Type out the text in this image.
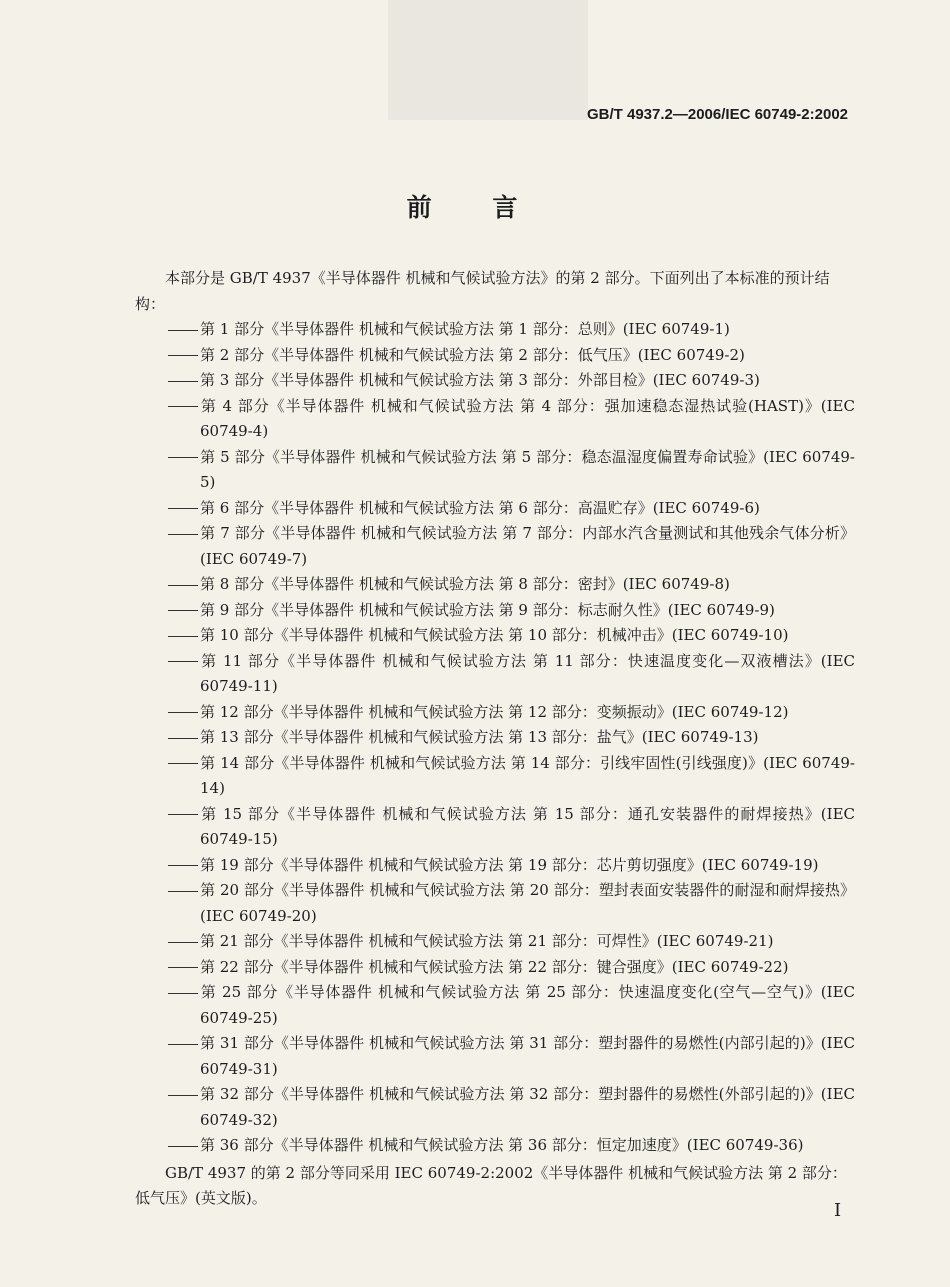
GB/T 4937.2—2006/IEC 60749-2:2002
前 言

本部分是 GB/T 4937《半导体器件 机械和气候试验方法》的第 2 部分。下面列出了本标准的预计结构：

第 1 部分《半导体器件 机械和气候试验方法 第 1 部分：总则》(IEC 60749-1)
第 2 部分《半导体器件 机械和气候试验方法 第 2 部分：低气压》(IEC 60749-2)
第 3 部分《半导体器件 机械和气候试验方法 第 3 部分：外部目检》(IEC 60749-3)
第 4 部分《半导体器件 机械和气候试验方法 第 4 部分：强加速稳态湿热试验(HAST)》(IEC 60749-4)
第 5 部分《半导体器件 机械和气候试验方法 第 5 部分：稳态温湿度偏置寿命试验》(IEC 60749-5)
第 6 部分《半导体器件 机械和气候试验方法 第 6 部分：高温贮存》(IEC 60749-6)
第 7 部分《半导体器件 机械和气候试验方法 第 7 部分：内部水汽含量测试和其他残余气体分析》(IEC 60749-7)
第 8 部分《半导体器件 机械和气候试验方法 第 8 部分：密封》(IEC 60749-8)
第 9 部分《半导体器件 机械和气候试验方法 第 9 部分：标志耐久性》(IEC 60749-9)
第 10 部分《半导体器件 机械和气候试验方法 第 10 部分：机械冲击》(IEC 60749-10)
第 11 部分《半导体器件 机械和气候试验方法 第 11 部分：快速温度变化—双液槽法》(IEC 60749-11)
第 12 部分《半导体器件 机械和气候试验方法 第 12 部分：变频振动》(IEC 60749-12)
第 13 部分《半导体器件 机械和气候试验方法 第 13 部分：盐气》(IEC 60749-13)
第 14 部分《半导体器件 机械和气候试验方法 第 14 部分：引线牢固性(引线强度)》(IEC 60749-14)
第 15 部分《半导体器件 机械和气候试验方法 第 15 部分：通孔安装器件的耐焊接热》(IEC 60749-15)
第 19 部分《半导体器件 机械和气候试验方法 第 19 部分：芯片剪切强度》(IEC 60749-19)
第 20 部分《半导体器件 机械和气候试验方法 第 20 部分：塑封表面安装器件的耐湿和耐焊接热》(IEC 60749-20)
第 21 部分《半导体器件 机械和气候试验方法 第 21 部分：可焊性》(IEC 60749-21)
第 22 部分《半导体器件 机械和气候试验方法 第 22 部分：键合强度》(IEC 60749-22)
第 25 部分《半导体器件 机械和气候试验方法 第 25 部分：快速温度变化(空气—空气)》(IEC 60749-25)
第 31 部分《半导体器件 机械和气候试验方法 第 31 部分：塑封器件的易燃性(内部引起的)》(IEC 60749-31)
第 32 部分《半导体器件 机械和气候试验方法 第 32 部分：塑封器件的易燃性(外部引起的)》(IEC 60749-32)
第 36 部分《半导体器件 机械和气候试验方法 第 36 部分：恒定加速度》(IEC 60749-36)

GB/T 4937 的第 2 部分等同采用 IEC 60749-2:2002《半导体器件 机械和气候试验方法 第 2 部分：低气压》(英文版)。

I
